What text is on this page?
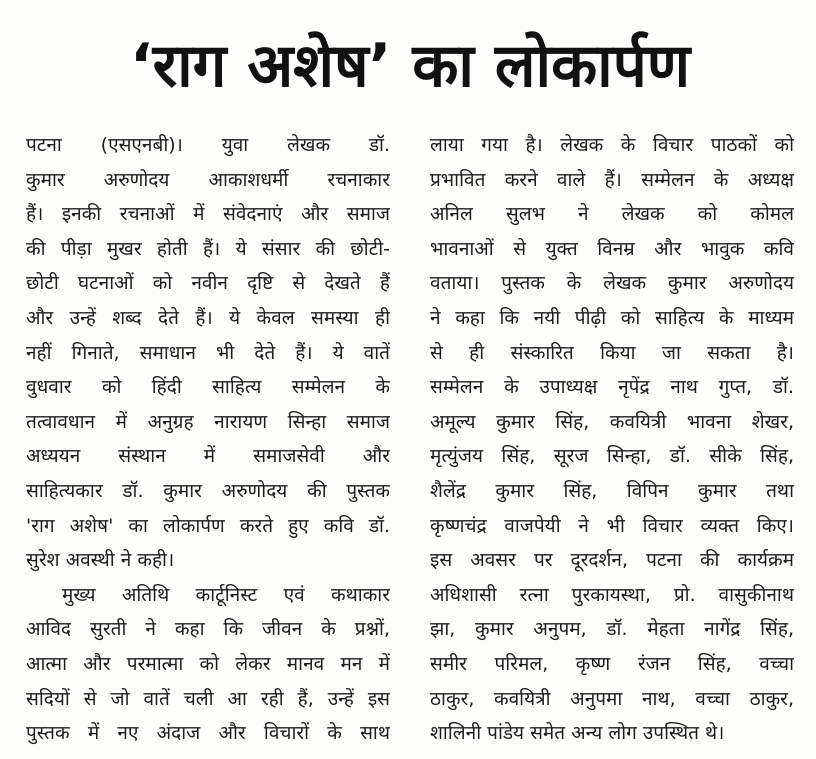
‘राग अशेष’ का लोकार्पण
पटना (एसएनबी)। युवा लेखक डॉ.
कुमार अरुणोदय आकाशधर्मी रचनाकार
हैं। इनकी रचनाओं में संवेदनाएं और समाज
की पीड़ा मुखर होती हैं। ये संसार की छोटी-
छोटी घटनाओं को नवीन दृष्टि से देखते हैं
और उन्हें शब्द देते हैं। ये केवल समस्या ही
नहीं गिनाते, समाधान भी देते हैं। ये वातें
वुधवार को हिंदी साहित्य सम्मेलन के
तत्वावधान में अनुग्रह नारायण सिन्हा समाज
अध्ययन संस्थान में समाजसेवी और
साहित्यकार डॉ. कुमार अरुणोदय की पुस्तक
'राग अशेष' का लोकार्पण करते हुए कवि डॉ.
सुरेश अवस्थी ने कही।
मुख्य अतिथि कार्टूनिस्ट एवं कथाकार
आविद सुरती ने कहा कि जीवन के प्रश्नों,
आत्मा और परमात्मा को लेकर मानव मन में
सदियों से जो वातें चली आ रही हैं, उन्हें इस
पुस्तक में नए अंदाज और विचारों के साथ
लाया गया है। लेखक के विचार पाठकों को
प्रभावित करने वाले हैं। सम्मेलन के अध्यक्ष
अनिल सुलभ ने लेखक को कोमल
भावनाओं से युक्त विनम्र और भावुक कवि
वताया। पुस्तक के लेखक कुमार अरुणोदय
ने कहा कि नयी पीढ़ी को साहित्य के माध्यम
से ही संस्कारित किया जा सकता है।
सम्मेलन के उपाध्यक्ष नृपेंद्र नाथ गुप्त, डॉ.
अमूल्य कुमार सिंह, कवयित्री भावना शेखर,
मृत्युंजय सिंह, सूरज सिन्हा, डॉ. सीके सिंह,
शैलेंद्र कुमार सिंह, विपिन कुमार तथा
कृष्णचंद्र वाजपेयी ने भी विचार व्यक्त किए।
इस अवसर पर दूरदर्शन, पटना की कार्यक्रम
अधिशासी रत्ना पुरकायस्था, प्रो. वासुकीनाथ
झा, कुमार अनुपम, डॉ. मेहता नागेंद्र सिंह,
समीर परिमल, कृष्ण रंजन सिंह, वच्चा
ठाकुर, कवयित्री अनुपमा नाथ, वच्चा ठाकुर,
शालिनी पांडेय समेत अन्य लोग उपस्थित थे।
